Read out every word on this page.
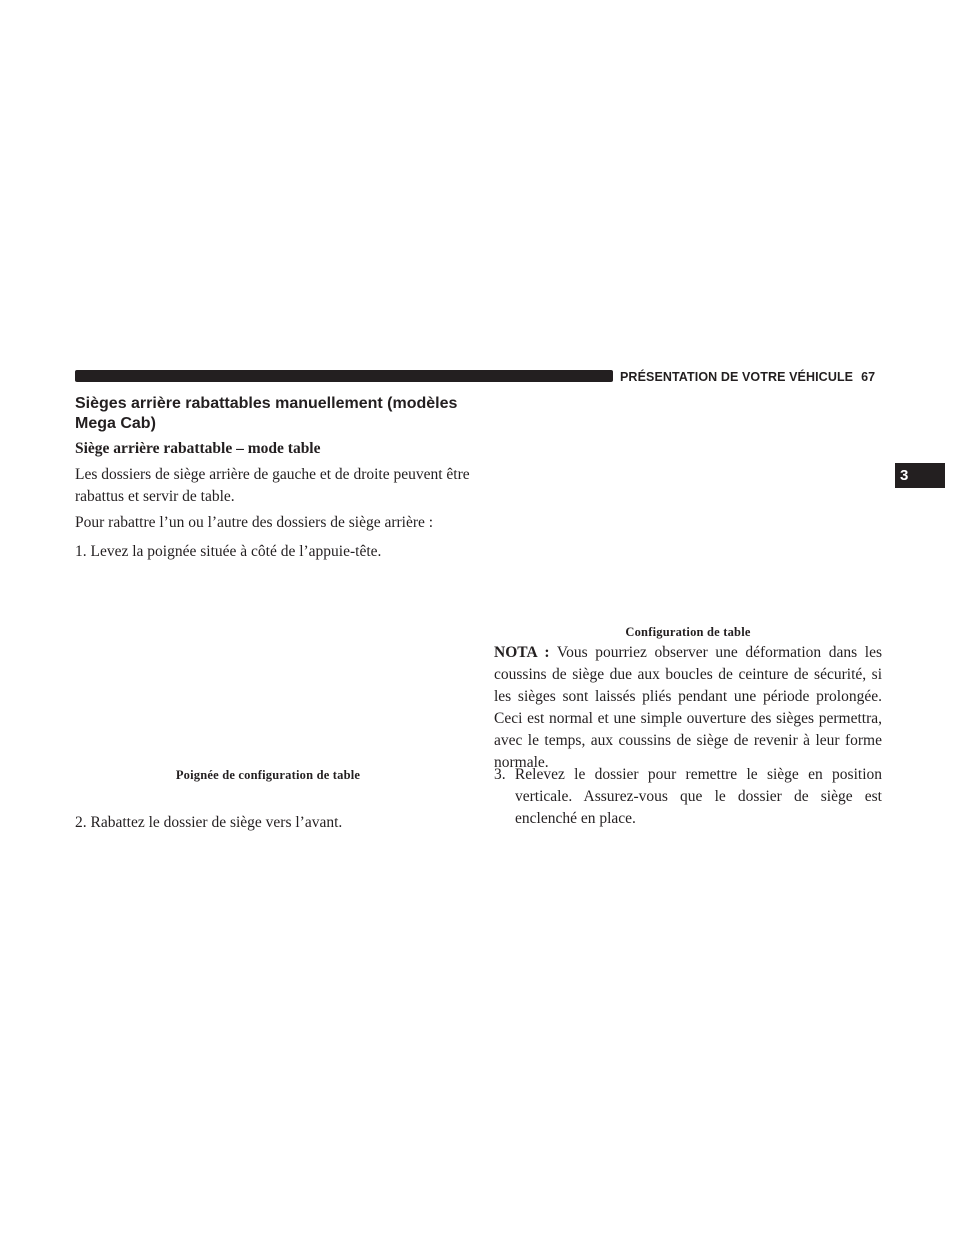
PRÉSENTATION DE VOTRE VÉHICULE 67
3
Sièges arrière rabattables manuellement (modèles Mega Cab)
Siège arrière rabattable – mode table
Les dossiers de siège arrière de gauche et de droite peuvent être rabattus et servir de table.
Pour rabattre l’un ou l’autre des dossiers de siège arrière :
1. Levez la poignée située à côté de l’appuie-tête.
Poignée de configuration de table
2. Rabattez le dossier de siège vers l’avant.
Configuration de table
NOTA : Vous pourriez observer une déformation dans les coussins de siège due aux boucles de ceinture de sécurité, si les sièges sont laissés pliés pendant une période prolongée. Ceci est normal et une simple ouverture des sièges permettra, avec le temps, aux coussins de siège de revenir à leur forme normale.
3. Relevez le dossier pour remettre le siège en position verticale. Assurez-vous que le dossier de siège est enclenché en place.
